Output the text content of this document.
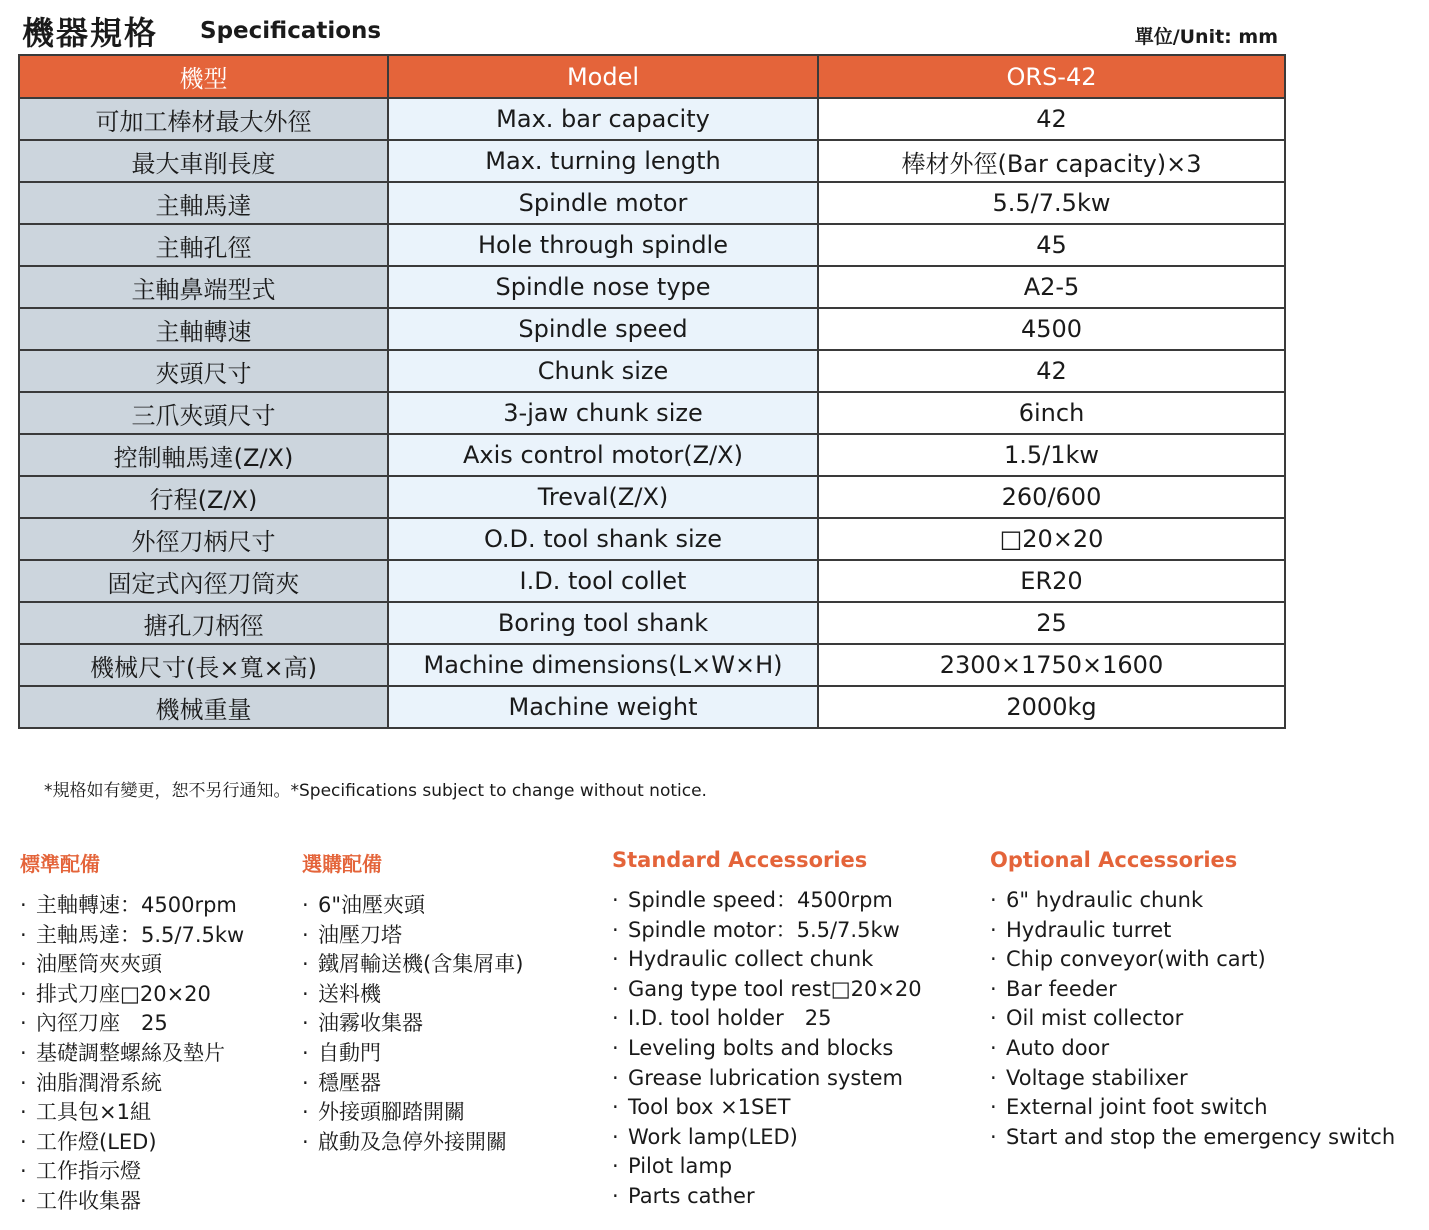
機器規格 Specifications	單位/Unit: mm
機型	Model	ORS-42
可加工棒材最大外徑	Max. bar capacity	42
最大車削長度	Max. turning length	棒材外徑(Bar capacity)×3
主軸馬達	Spindle motor	5.5/7.5kw
主軸孔徑	Hole through spindle	45
主軸鼻端型式	Spindle nose type	A2-5
主軸轉速	Spindle speed	4500
夾頭尺寸	Chunk size	42
三爪夾頭尺寸	3-jaw chunk size	6inch
控制軸馬達(Z/X)	Axis control motor(Z/X)	1.5/1kw
行程(Z/X)	Treval(Z/X)	260/600
外徑刀柄尺寸	O.D. tool shank size	□20×20
固定式內徑刀筒夾	I.D. tool collet	ER20
搪孔刀柄徑	Boring tool shank	25
機械尺寸(長×寬×高)	Machine dimensions(L×W×H)	2300×1750×1600
機械重量	Machine weight	2000kg
*規格如有變更，恕不另行通知。*Specifications subject to change without notice.
標準配備
· 主軸轉速：4500rpm
· 主軸馬達：5.5/7.5kw
· 油壓筒夾夾頭
· 排式刀座□20×20
· 內徑刀座　25
· 基礎調整螺絲及墊片
· 油脂潤滑系統
· 工具包×1組
· 工作燈(LED)
· 工作指示燈
· 工件收集器
選購配備
· 6"油壓夾頭
· 油壓刀塔
· 鐵屑輸送機(含集屑車)
· 送料機
· 油霧收集器
· 自動門
· 穩壓器
· 外接頭腳踏開關
· 啟動及急停外接開關
Standard Accessories
· Spindle speed：4500rpm
· Spindle motor：5.5/7.5kw
· Hydraulic collect chunk
· Gang type tool rest□20×20
· I.D. tool holder　25
· Leveling bolts and blocks
· Grease lubrication system
· Tool box ×1SET
· Work lamp(LED)
· Pilot lamp
· Parts cather
Optional Accessories
· 6" hydraulic chunk
· Hydraulic turret
· Chip conveyor(with cart)
· Bar feeder
· Oil mist collector
· Auto door
· Voltage stabilixer
· External joint foot switch
· Start and stop the emergency switch
